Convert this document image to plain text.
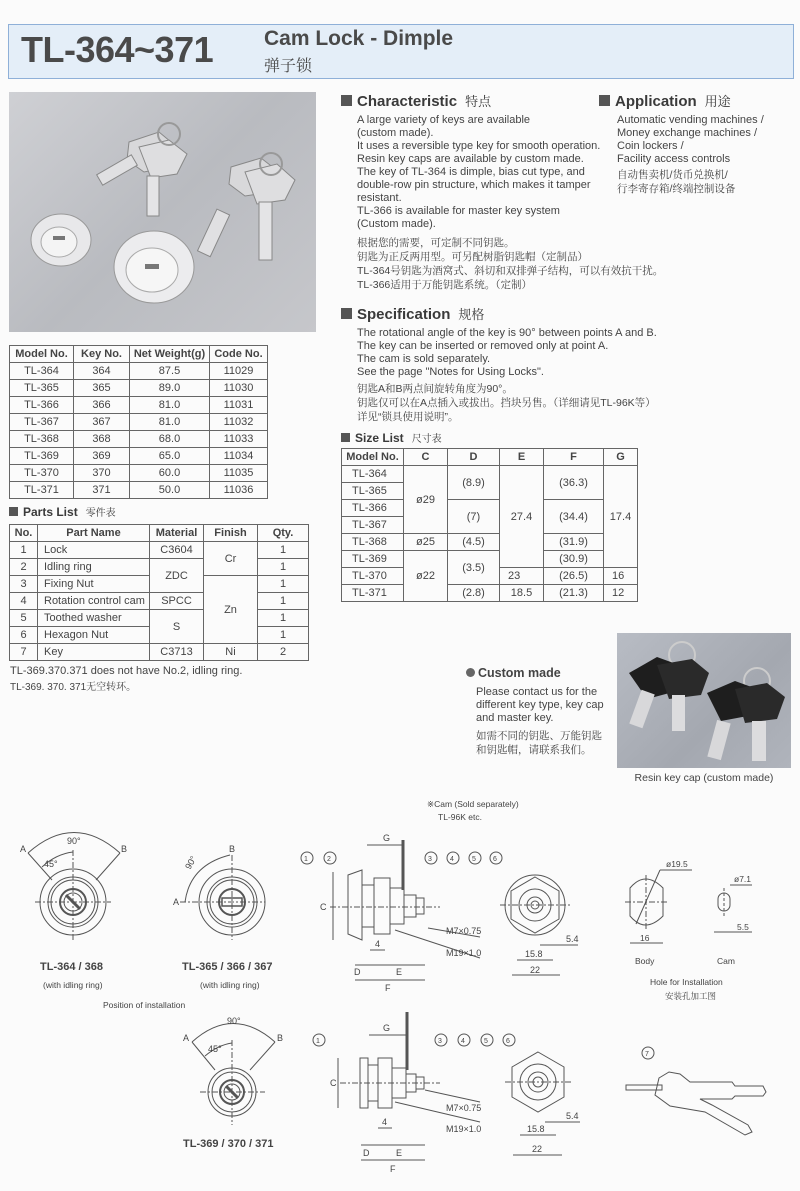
TL-364~371 Cam Lock - Dimple
弹子锁
Characteristic 特点
A large variety of keys are available
(custom made).
It uses a reversible type key for smooth operation.
Resin key caps are available by custom made.
The key of TL-364 is dimple, bias cut type, and
double-row pin structure, which makes it tamper
resistant.
TL-366 is available for master key system
(Custom made).
根据您的需要，可定制不同钥匙。
钥匙为正反两用型。可另配树脂钥匙帽（定制品）
TL-364号钥匙为酒窝式、斜切和双排弹子结构，可以有效抗干扰。
TL-366适用于万能钥匙系统。（定制）
Application 用途
Automatic vending machines /
Money exchange machines /
Coin lockers /
Facility access controls
自动售卖机/货币兑换机/
行李寄存箱/终端控制设备
Specification 规格
The rotational angle of the key is 90° between points A and B.
The key can be inserted or removed only at point A.
The cam is sold separately.
See the page "Notes for Using Locks".
钥匙A和B两点间旋转角度为90°。
钥匙仅可以在A点插入或拔出。挡块另售。（详细请见TL-96K等）
详见“锁具使用说明”。
Model No.	Key No.	Net Weight(g)	Code No.
TL-364	364	87.5	11029
TL-365	365	89.0	11030
TL-366	366	81.0	11031
TL-367	367	81.0	11032
TL-368	368	68.0	11033
TL-369	369	65.0	11034
TL-370	370	60.0	11035
TL-371	371	50.0	11036
Parts List 零件表
No.	Part Name	Material	Finish	Qty.
1	Lock	C3604	Cr	1
2	Idling ring	ZDC		1
3	Fixing Nut		Zn	1
4	Rotation control cam	SPCC		1
5	Toothed washer	S		1
6	Hexagon Nut			1
7	Key	C3713	Ni	2
TL-369.370.371 does not have No.2, idling ring.
TL-369. 370. 371无空转环。
Size List 尺寸表
Model No.	C	D	E	F	G
TL-364	ø29	(8.9)	27.4	(36.3)	17.4
TL-365					
TL-366		(7)		(34.4)	
TL-367					
TL-368	ø25	(4.5)		(31.9)	
TL-369	ø22	(3.5)		(30.9)	
TL-370			23	(26.5)	16
TL-371		(2.8)	18.5	(21.3)	12
Custom made
Please contact us for the
different key type, key cap
and master key.
如需不同的钥匙、万能钥匙
和钥匙帽，请联系我们。
Resin key cap (custom made)
90°
45°
A	B
TL-364 / 368
(with idling ring)
90°
B
A
TL-365 / 366 / 367
(with idling ring)
Position of installation
※Cam (Sold separately)
TL-96K etc.
G
C
D	E
F
4
M7×0.75
M19×1.0
1	2	3	4	5 6
15.8
22
5.4
ø19.5
16
ø7.1
5.5
Body	Cam
Hole for Installation
安装孔加工图
90°
45°
A	B
TL-369 / 370 / 371
G
C
D	E
F
4
M7×0.75
M19×1.0
1	3	4	5	6
15.8
22
5.4
7
